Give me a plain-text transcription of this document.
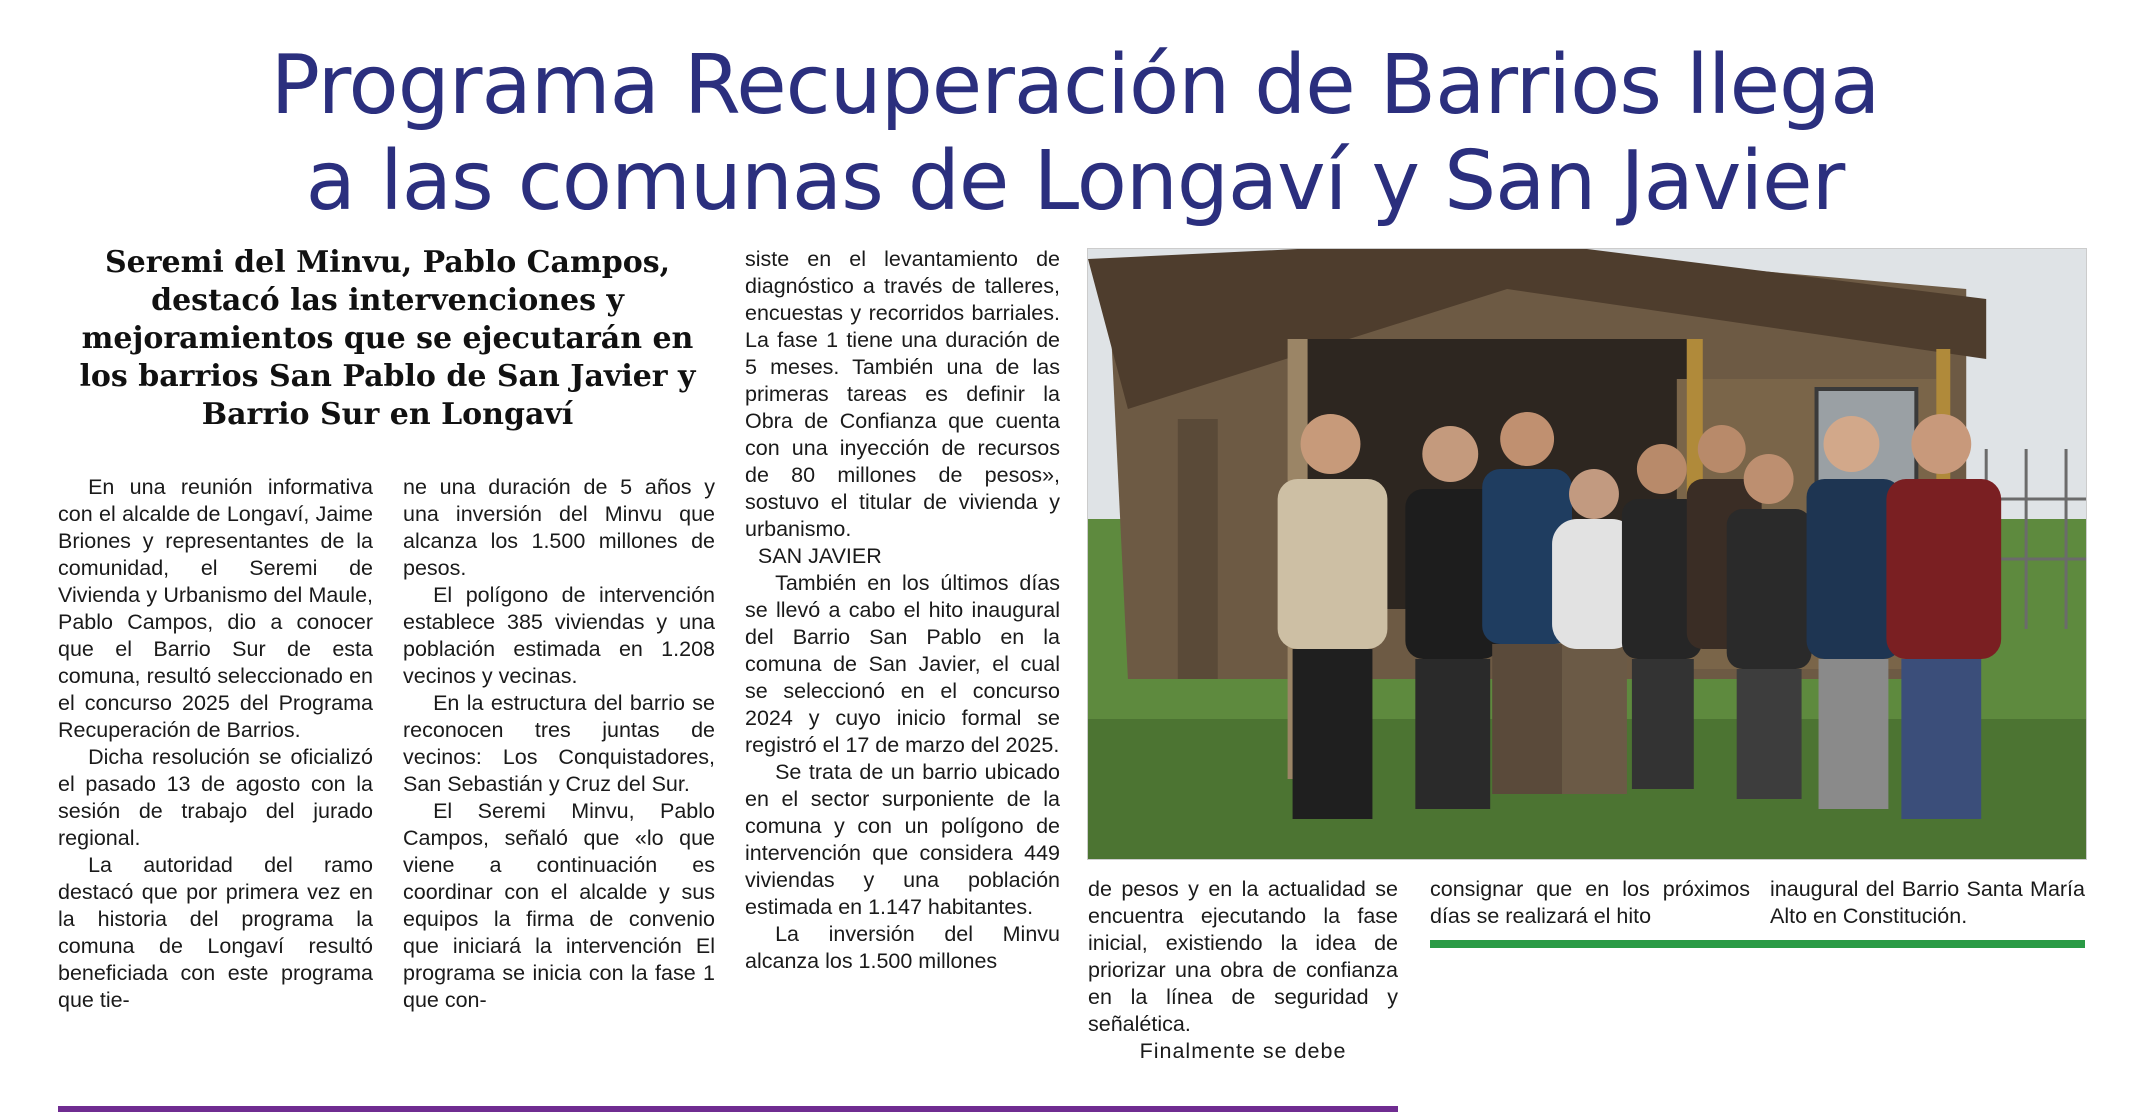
Programa Recuperación de Barrios llega
a las comunas de Longaví y San Javier
Seremi del Minvu, Pablo Campos, destacó las intervenciones y mejoramientos que se ejecutarán en los barrios San Pablo de San Javier y Barrio Sur en Longaví

En una reunión informativa con el alcalde de Longaví, Jaime Briones y representantes de la comunidad, el Seremi de Vivienda y Urbanismo del Maule, Pablo Campos, dio a conocer que el Barrio Sur de esta comuna, resultó seleccionado en el concurso 2025 del Programa Recuperación de Barrios.

Dicha resolución se oficializó el pasado 13 de agosto con la sesión de trabajo del jurado regional.

La autoridad del ramo destacó que por primera vez en la historia del programa la comuna de Longaví resultó beneficiada con este programa que tie-

ne una duración de 5 años y una inversión del Minvu que alcanza los 1.500 millones de pesos.

El polígono de intervención establece 385 viviendas y una población estimada en 1.208 vecinos y vecinas.

En la estructura del barrio se reconocen tres juntas de vecinos: Los Conquistadores, San Sebastián y Cruz del Sur.

El Seremi Minvu, Pablo Campos, señaló que «lo que viene a continuación es coordinar con el alcalde y sus equipos la firma de convenio que iniciará la intervención El programa se inicia con la fase 1 que con-

siste en el levantamiento de diagnóstico a través de talleres, encuestas y recorridos barriales. La fase 1 tiene una duración de 5 meses. También una de las primeras tareas es definir la Obra de Confianza que cuenta con una inyección de recursos de 80 millones de pesos», sostuvo el titular de vivienda y urbanismo.

SAN JAVIER

También en los últimos días se llevó a cabo el hito inaugural del Barrio San Pablo en la comuna de San Javier, el cual se seleccionó en el concurso 2024 y cuyo inicio formal se registró el 17 de marzo del 2025.

Se trata de un barrio ubicado en el sector surponiente de la comuna y con un polígono de intervención que considera 449 viviendas y una población estimada en 1.147 habitantes.

La inversión del Minvu alcanza los 1.500 millones

de pesos y en la actualidad se encuentra ejecutando la fase inicial, existiendo la idea de priorizar una obra de confianza en la línea de seguridad y señalética.

Finalmente se debe

consignar que en los próximos días se realizará el hito

inaugural del Barrio Santa María Alto en Constitución.
